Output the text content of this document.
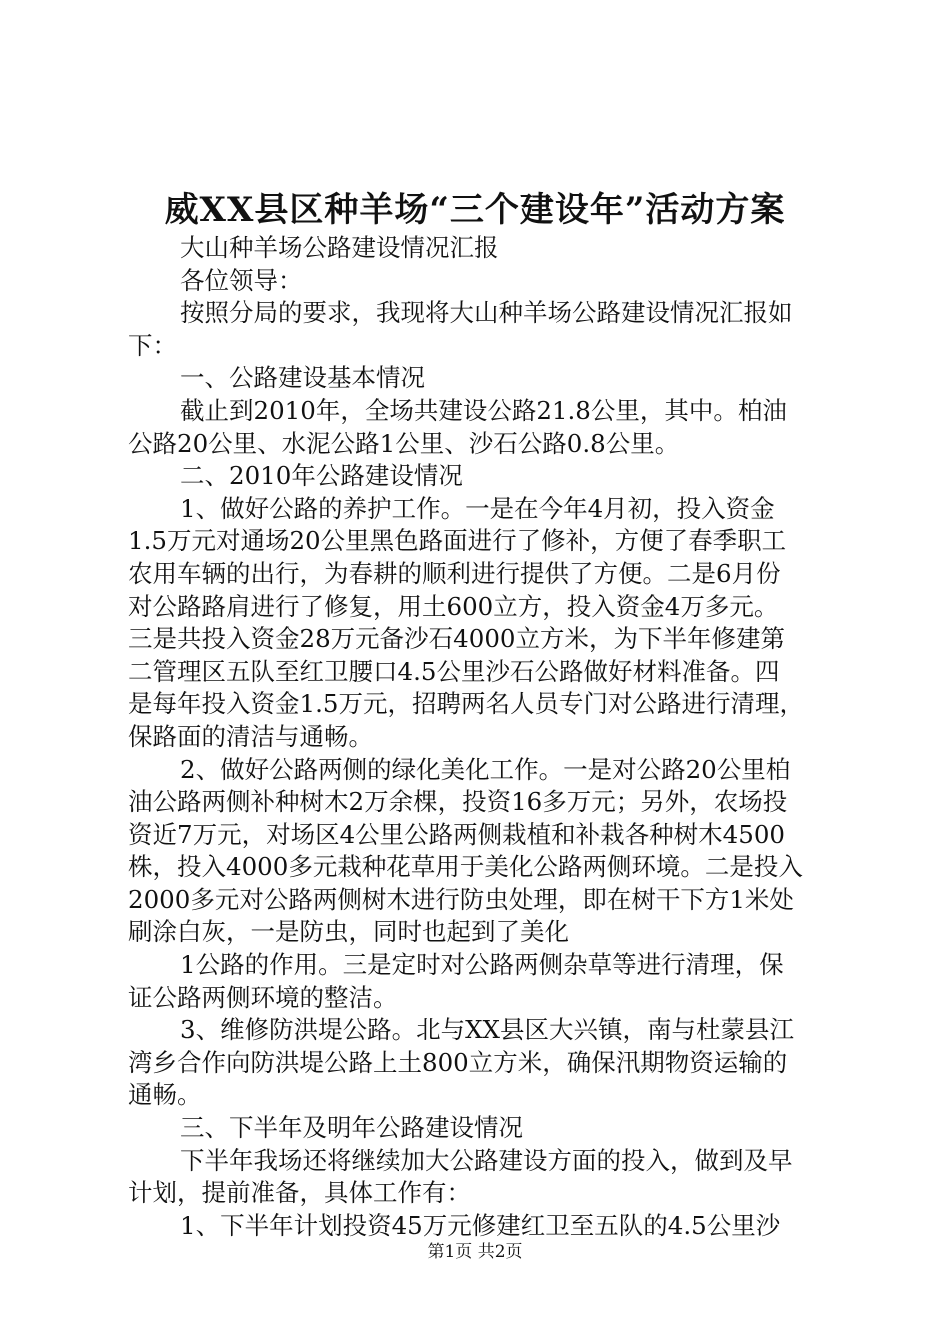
威XX县区种羊场“三个建设年”活动方案
大山种羊场公路建设情况汇报
各位领导：
按照分局的要求，我现将大山种羊场公路建设情况汇报如
下：
一、公路建设基本情况
截止到2010年，全场共建设公路21.8公里，其中。柏油
公路20公里、水泥公路1公里、沙石公路0.8公里。
二、2010年公路建设情况
1、做好公路的养护工作。一是在今年4月初，投入资金
1.5万元对通场20公里黑色路面进行了修补，方便了春季职工
农用车辆的出行，为春耕的顺利进行提供了方便。二是6月份
对公路路肩进行了修复，用土600立方，投入资金4万多元。
三是共投入资金28万元备沙石4000立方米，为下半年修建第
二管理区五队至红卫腰口4.5公里沙石公路做好材料准备。四
是每年投入资金1.5万元，招聘两名人员专门对公路进行清理，
保路面的清洁与通畅。
2、做好公路两侧的绿化美化工作。一是对公路20公里柏
油公路两侧补种树木2万余棵，投资16多万元；另外，农场投
资近7万元，对场区4公里公路两侧栽植和补栽各种树木4500
株，投入4000多元栽种花草用于美化公路两侧环境。二是投入
2000多元对公路两侧树木进行防虫处理，即在树干下方1米处
刷涂白灰，一是防虫，同时也起到了美化
1公路的作用。三是定时对公路两侧杂草等进行清理，保
证公路两侧环境的整洁。
3、维修防洪堤公路。北与XX县区大兴镇，南与杜蒙县江
湾乡合作向防洪堤公路上土800立方米，确保汛期物资运输的
通畅。
三、下半年及明年公路建设情况
下半年我场还将继续加大公路建设方面的投入，做到及早
计划，提前准备，具体工作有：
1、下半年计划投资45万元修建红卫至五队的4.5公里沙
第1页 共2页
